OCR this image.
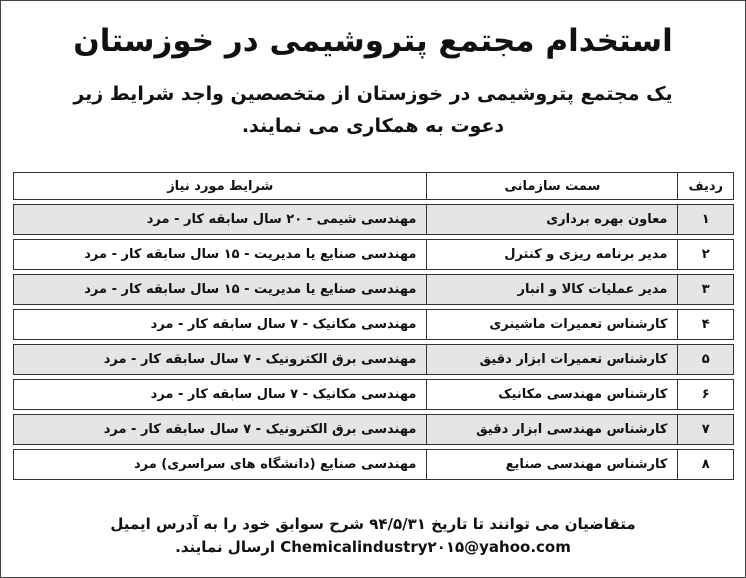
استخدام مجتمع پتروشیمی در خوزستان
یک مجتمع پتروشیمی در خوزستان از متخصصین واجد شرایط زیر
دعوت به همکاری می نمایند.
ردیف	سمت سازمانی	شرایط مورد نیاز
۱	معاون بهره برداری	مهندسی شیمی - ۲۰ سال سابقه کار - مرد
۲	مدیر برنامه ریزی و کنترل	مهندسی صنایع یا مدیریت - ۱۵ سال سابقه کار - مرد
۳	مدیر عملیات کالا و انبار	مهندسی صنایع یا مدیریت - ۱۵ سال سابقه کار - مرد
۴	کارشناس تعمیرات ماشینری	مهندسی مکانیک - ۷ سال سابقه کار - مرد
۵	کارشناس تعمیرات ابزار دقیق	مهندسی برق الکترونیک - ۷ سال سابقه کار - مرد
۶	کارشناس مهندسی مکانیک	مهندسی مکانیک - ۷ سال سابقه کار - مرد
۷	کارشناس مهندسی ابزار دقیق	مهندسی برق الکترونیک - ۷ سال سابقه کار - مرد
۸	کارشناس مهندسی صنایع	مهندسی صنایع (دانشگاه های سراسری) مرد
متقاضیان می توانند تا تاریخ ۹۴/۵/۳۱ شرح سوابق خود را به آدرس ایمیل
Chemicalindustry۲۰۱۵@yahoo.com ارسال نمایند.
